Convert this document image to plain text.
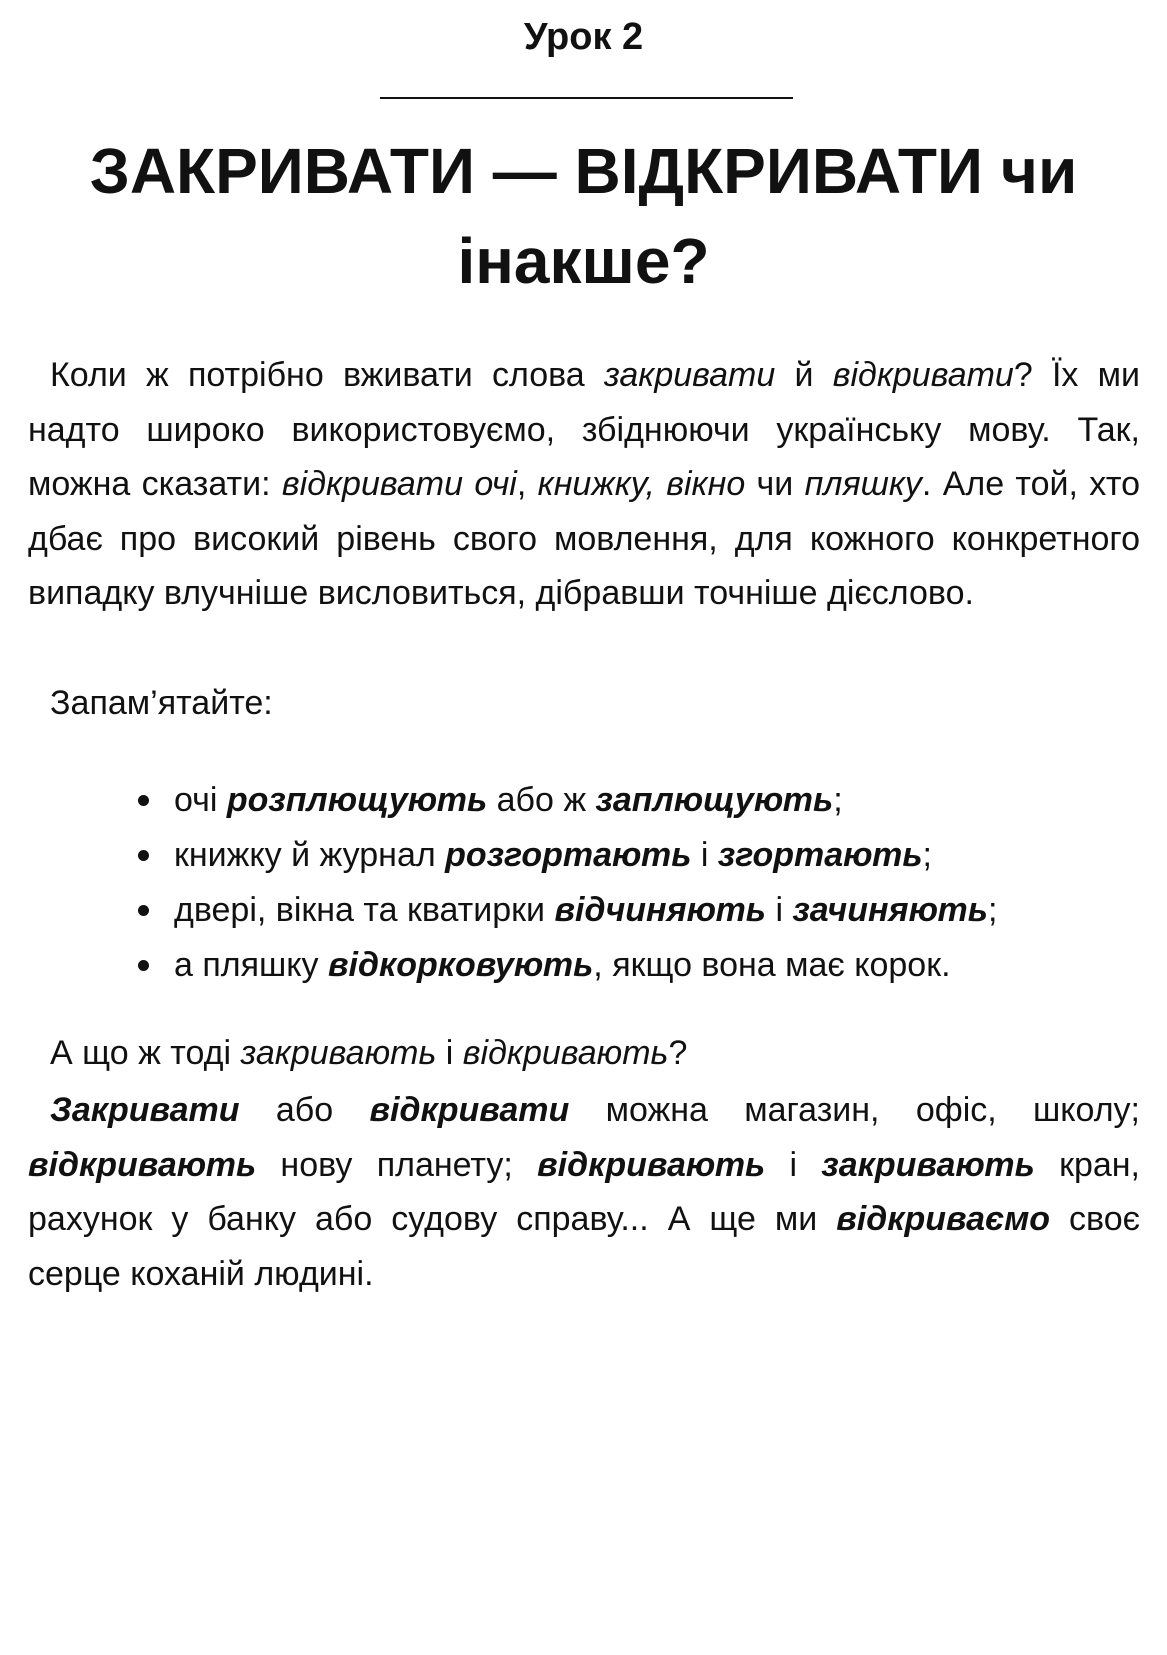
Урок 2
ЗАКРИВАТИ — ВІДКРИВАТИ чи інакше?

Коли ж потрібно вживати слова закривати й відкривати? Їх ми надто широко використовуємо, збіднюючи українську мову. Так, можна сказати: відкривати очі, книжку, вікно чи пляшку. Але той, хто дбає про високий рівень свого мовлення, для кожного конкретного випадку влучніше висловиться, дібравши точніше дієслово.

Запам’ятайте:

очі розплющують або ж заплющують;

книжку й журнал розгортають і згортають;

двері, вікна та кватирки відчиняють і зачиняють;

а пляшку відкорковують, якщо вона має корок.

А що ж тоді закривають і відкривають?

Закривати або відкривати можна магазин, офіс, школу; відкривають нову планету; відкривають і закривають кран, рахунок у банку або судову справу... А ще ми відкриваємо своє серце коханій людині.
